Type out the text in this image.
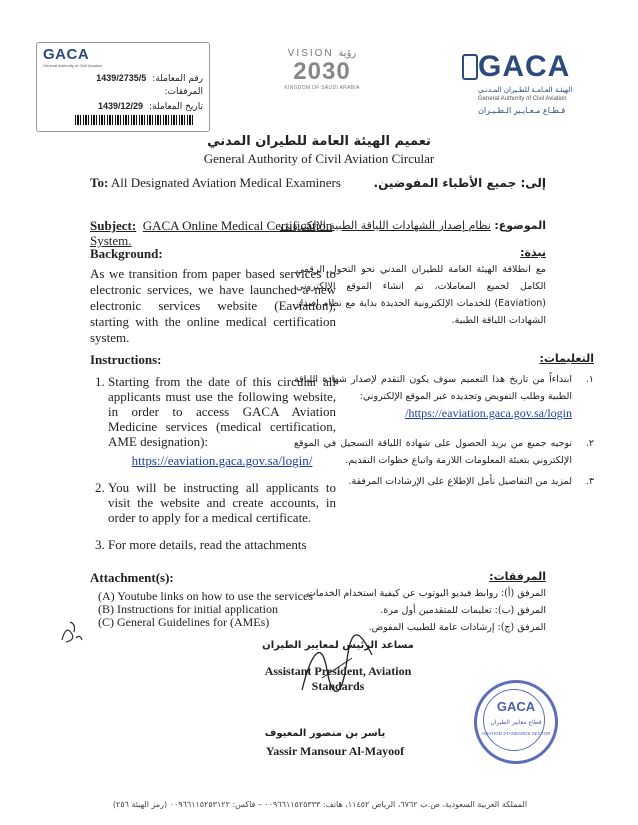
GACA
General Authority of Civil Aviation
رقم المعاملة:1439/2735/5
المرفقات:
تاريخ المعاملة:1439/12/29
VISION رؤية
2030
KINGDOM OF SAUDI ARABIA
GACA
الهيئـة العـامـة للطـيران المـدنـي
General Authority of Civil Aviation
قـطـاع مـعـايـير الـطـيـران
تعميم الهيئة العامة للطيران المدني
General Authority of Civil Aviation Circular
To: All Designated Aviation Medical Examiners	إلى: جميع الأطباء المفوضين.
Subject: GACA Online Medical Certification System.
الموضوع: نظام إصدار الشهادات اللياقة الطبية الإلكتروني
Background:
As we transition from paper based services to electronic services, we have launched a new electronic services website (Eaviation), starting with the online medical certification system.
نبذة:
مع انطلاقة الهيئة العامة للطيران المدني نحو التحول الرقمي الكامل لجميع المعاملات، تم انشاء الموقع الإلكتروني (Eaviation) للخدمات الإلكترونية الجديدة بداية مع نظام إصدار الشهادات اللياقة الطبية.
Instructions:
1. Starting from the date of this circular all applicants must use the following website, in order to access GACA Aviation Medicine services (medical certification, AME designation):
https://eaviation.gaca.gov.sa/login/
2. You will be instructing all applicants to visit the website and create accounts, in order to apply for a medical certificate.
3. For more details, read the attachments
التعليمات:
١.
ابتداءاً من تاريخ هذا التعميم سوف يكون التقدم لإصدار شهادة اللياقة الطبية وطلب التفويض وتجديده عبر الموقع الإلكتروني:
https://eaviation.gaca.gov.sa/login/
٢.
توجيه جميع من يريد الحصول على شهادة اللياقة التسجيل في الموقع الإلكتروني بتعبئة المعلومات اللازمة واتباع خطوات التقديم.
٣.
لمزيد من التفاصيل نأمل الإطلاع على الإرشادات المرفقة.
Attachment(s):
(A) Youtube links on how to use the services
(B) Instructions for initial application
(C) General Guidelines for (AMEs)
المرفقات:
المرفق (أ): روابط فيديو اليوتوب عن كيفية استخدام الخدمات
المرفق (ب): تعليمات للمتقدمين أول مرة.
المرفق (ج): إرشادات عامة للطبيب المفوض.
مساعد الرئيس لمعايير الطيران
Assistant President, Aviation Standards
ياسر بن منصور المعيوف
Yassir Mansour Al-Mayoof
GACA
قطاع معايير الطيران
AVIATION STANDARDS SECTOR
المملكة العربية السعودية، ص.ب ٦٧٦٢، الرياض ١١٤٥٢، هاتف: ٠٠٩٦٦١١٥٢٥٣٣٣ – فاكس: ٠٠٩٦٦١١٥٢٥٣١٢٢ (رمز الهيئة ٢٥٦)
